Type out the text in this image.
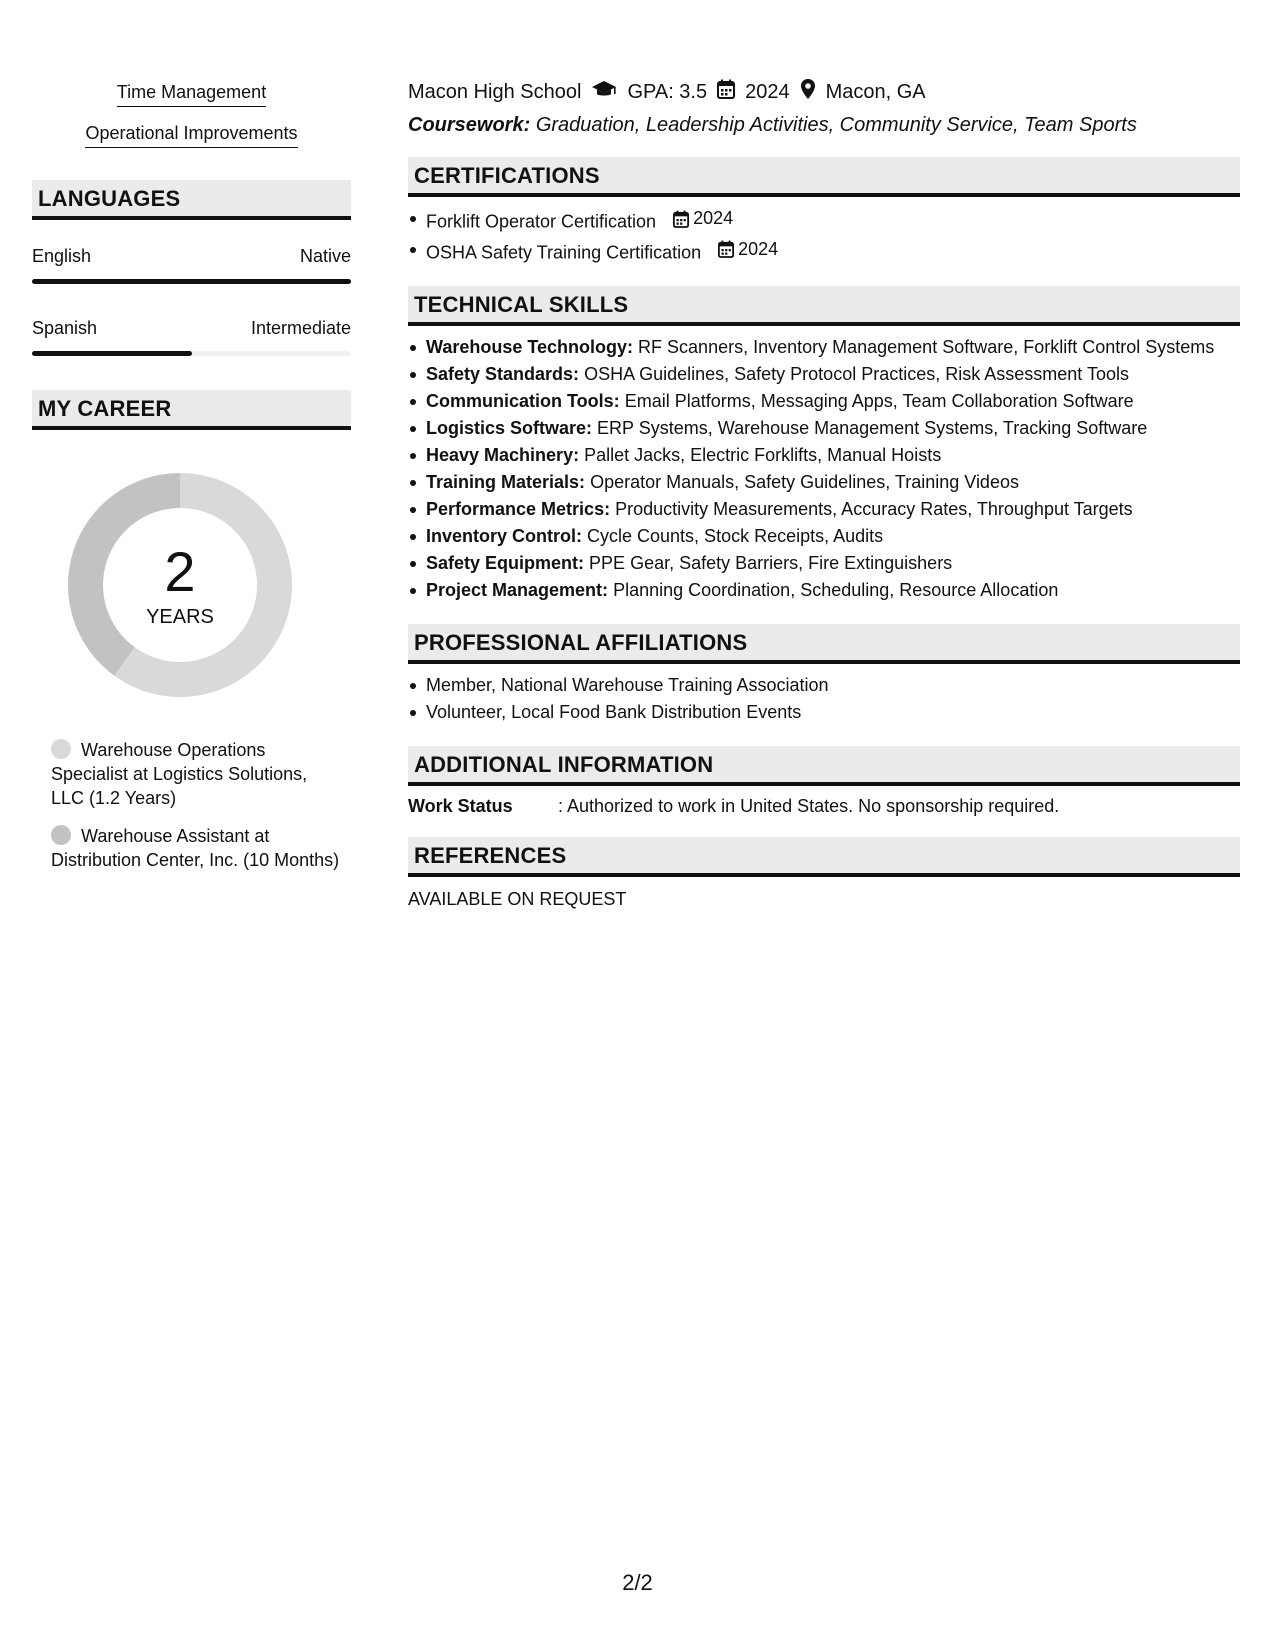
Time Management
Operational Improvements
LANGUAGES
English	Native
Spanish	Intermediate
MY CAREER
2
YEARS
Warehouse Operations Specialist at Logistics Solutions, LLC (1.2 Years)
Warehouse Assistant at Distribution Center, Inc. (10 Months)
Macon High School GPA: 3.5 2024 Macon, GA
Coursework: Graduation, Leadership Activities, Community Service, Team Sports
CERTIFICATIONS
Forklift Operator Certification 2024
OSHA Safety Training Certification 2024
TECHNICAL SKILLS
Warehouse Technology: RF Scanners, Inventory Management Software, Forklift Control Systems
Safety Standards: OSHA Guidelines, Safety Protocol Practices, Risk Assessment Tools
Communication Tools: Email Platforms, Messaging Apps, Team Collaboration Software
Logistics Software: ERP Systems, Warehouse Management Systems, Tracking Software
Heavy Machinery: Pallet Jacks, Electric Forklifts, Manual Hoists
Training Materials: Operator Manuals, Safety Guidelines, Training Videos
Performance Metrics: Productivity Measurements, Accuracy Rates, Throughput Targets
Inventory Control: Cycle Counts, Stock Receipts, Audits
Safety Equipment: PPE Gear, Safety Barriers, Fire Extinguishers
Project Management: Planning Coordination, Scheduling, Resource Allocation
PROFESSIONAL AFFILIATIONS
Member, National Warehouse Training Association
Volunteer, Local Food Bank Distribution Events
ADDITIONAL INFORMATION
Work Status	: Authorized to work in United States. No sponsorship required.
REFERENCES
AVAILABLE ON REQUEST
2/2
